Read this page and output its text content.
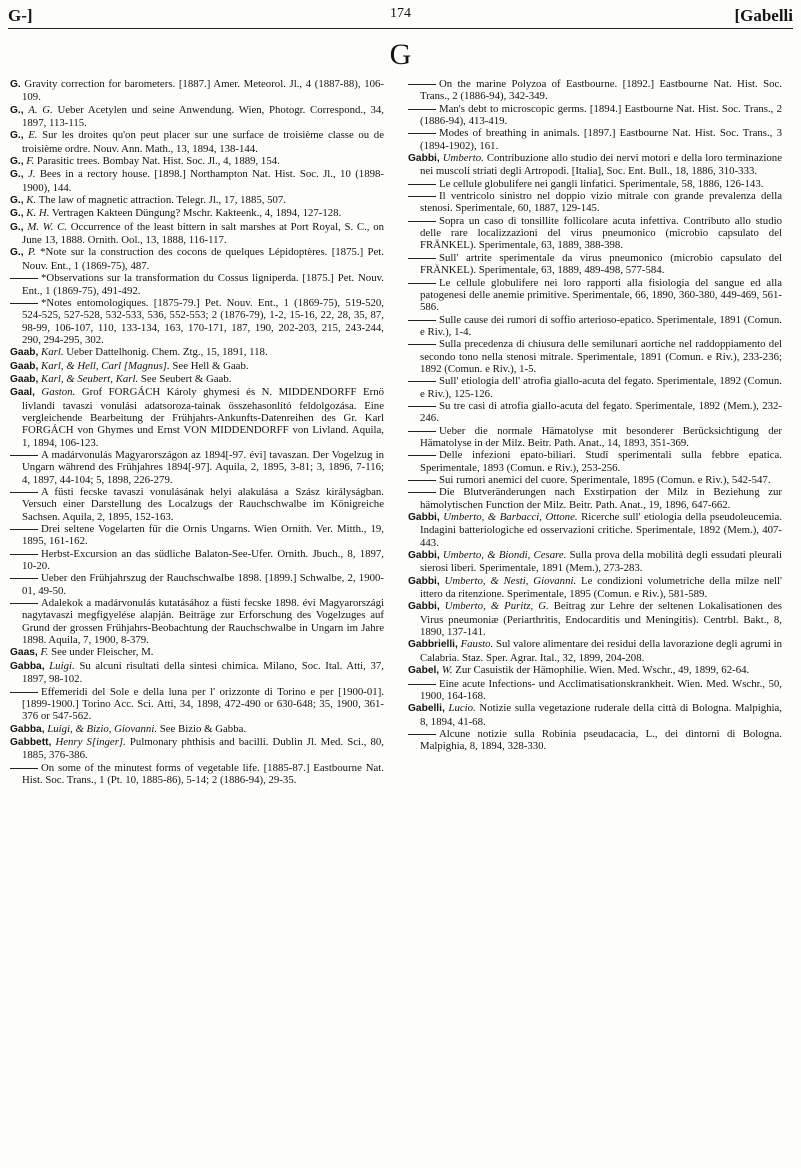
G-]	174	[Gabelli
G

G. Gravity correction for barometers. [1887.] Amer. Meteorol. Jl., 4 (1887-88), 106-109.

G., A. G. Ueber Acetylen und seine Anwendung. Wien, Photogr. Correspond., 34, 1897, 113-115.

G., E. Sur les droites qu'on peut placer sur une surface de troisième classe ou de troisième ordre. Nouv. Ann. Math., 13, 1894, 138-144.

G., F. Parasitic trees. Bombay Nat. Hist. Soc. Jl., 4, 1889, 154.

G., J. Bees in a rectory house. [1898.] Northampton Nat. Hist. Soc. Jl., 10 (1898-1900), 144.

G., K. The law of magnetic attraction. Telegr. Jl., 17, 1885, 507.

G., K. H. Vertragen Kakteen Düngung? Mschr. Kakteenk., 4, 1894, 127-128.

G., M. W. C. Occurrence of the least bittern in salt marshes at Port Royal, S. C., on June 13, 1888. Ornith. Ool., 13, 1888, 116-117.

G., P. *Note sur la construction des cocons de quelques Lépidoptères. [1875.] Pet. Nouv. Ent., 1 (1869-75), 487.

*Observations sur la transformation du Cossus ligniperda. [1875.] Pet. Nouv. Ent., 1 (1869-75), 491-492.

*Notes entomologiques. [1875-79.] Pet. Nouv. Ent., 1 (1869-75), 519-520, 524-525, 527-528, 532-533, 536, 552-553; 2 (1876-79), 1-2, 15-16, 22, 28, 35, 87, 98-99, 106-107, 110, 133-134, 163, 170-171, 187, 190, 202-203, 215, 243-244, 290, 294-295, 302.

Gaab, Karl. Ueber Dattelhonig. Chem. Ztg., 15, 1891, 118.

Gaab, Karl, & Hell, Carl [Magnus]. See Hell & Gaab.

Gaab, Karl, & Seubert, Karl. See Seubert & Gaab.

Gaal, Gaston. Grof FORGÁCH Károly ghymesi és N. MIDDENDORFF Ernö livlandi tavaszi vonulási adatsoroza-tainak összehasonlító feldolgozása. Eine vergleichende Bearbeitung der Frühjahrs-Ankunfts-Datenreihen des Gr. Karl FORGÁCH von Ghymes und Ernst VON MIDDENDORFF von Livland. Aquila, 1, 1894, 106-123.

A madárvonulás Magyarországon az 1894[-97. évi] tavaszan. Der Vogelzug in Ungarn während des Frühjahres 1894[-97]. Aquila, 2, 1895, 3-81; 3, 1896, 7-116; 4, 1897, 44-104; 5, 1898, 226-279.

A füsti fecske tavaszi vonulásának helyi alakulása a Szász királyságban. Versuch einer Darstellung des Localzugs der Rauchschwalbe im Königreiche Sachsen. Aquila, 2, 1895, 152-163.

Drei seltene Vogelarten für die Ornis Ungarns. Wien Ornith. Ver. Mitth., 19, 1895, 161-162.

Herbst-Excursion an das südliche Balaton-See-Ufer. Ornith. Jbuch., 8, 1897, 10-20.

Ueber den Frühjahrszug der Rauchschwalbe 1898. [1899.] Schwalbe, 2, 1900-01, 49-50.

Adalekok a madárvonulás kutatásához a füsti fecske 1898. évi Magyarországi nagytavaszi megfigyelése alapján. Beiträge zur Erforschung des Vogelzuges auf Grund der grossen Frühjahrs-Beobachtung der Rauchschwalbe in Ungarn im Jahre 1898. Aquila, 7, 1900, 8-379.

Gaas, F. See under Fleischer, M.

Gabba, Luigi. Su alcuni risultati della sintesi chimica. Milano, Soc. Ital. Atti, 37, 1897, 98-102.

Effemeridi del Sole e della luna per l' orizzonte di Torino e per [1900-01]. [1899-1900.] Torino Acc. Sci. Atti, 34, 1898, 472-490 or 630-648; 35, 1900, 361-376 or 547-562.

Gabba, Luigi, & Bizio, Giovanni. See Bizio & Gabba.

Gabbett, Henry S[inger]. Pulmonary phthisis and bacilli. Dublin Jl. Med. Sci., 80, 1885, 376-386.

On some of the minutest forms of vegetable life. [1885-87.] Eastbourne Nat. Hist. Soc. Trans., 1 (Pt. 10, 1885-86), 5-14; 2 (1886-94), 29-35.

On the marine Polyzoa of Eastbourne. [1892.] Eastbourne Nat. Hist. Soc. Trans., 2 (1886-94), 342-349.

Man's debt to microscopic germs. [1894.] Eastbourne Nat. Hist. Soc. Trans., 2 (1886-94), 413-419.

Modes of breathing in animals. [1897.] Eastbourne Nat. Hist. Soc. Trans., 3 (1894-1902), 161.

Gabbi, Umberto. Contribuzione allo studio dei nervi motori e della loro terminazione nei muscoli striati degli Artropodi. [Italia], Soc. Ent. Bull., 18, 1886, 310-333.

Le cellule globulifere nei gangli linfatici. Sperimentale, 58, 1886, 126-143.

Il ventricolo sinistro nel doppio vizio mitrale con grande prevalenza della stenosi. Sperimentale, 60, 1887, 129-145.

Sopra un caso di tonsillite follicolare acuta infettiva. Contributo allo studio delle rare localizzazioni del virus pneumonico (microbio capsulato del FRÄNKEL). Sperimentale, 63, 1889, 388-398.

Sull' artrite sperimentale da virus pneumonico (microbio capsulato del FRÄNKEL). Sperimentale, 63, 1889, 489-498, 577-584.

Le cellule globulifere nei loro rapporti alla fisiologia del sangue ed alla patogenesi delle anemie primitive. Sperimentale, 66, 1890, 360-380, 449-469, 561-586.

Sulle cause dei rumori di soffio arterioso-epatico. Sperimentale, 1891 (Comun. e Riv.), 1-4.

Sulla precedenza di chiusura delle semilunari aortiche nel raddoppiamento del secondo tono nella stenosi mitrale. Sperimentale, 1891 (Comun. e Riv.), 233-236; 1892 (Comun. e Riv.), 1-5.

Sull' etiologia dell' atrofia giallo-acuta del fegato. Sperimentale, 1892 (Comun. e Riv.), 125-126.

Su tre casi di atrofia giallo-acuta del fegato. Sperimentale, 1892 (Mem.), 232-246.

Ueber die normale Hämatolyse mit besonderer Berücksichtigung der Hämatolyse in der Milz. Beitr. Path. Anat., 14, 1893, 351-369.

Delle infezioni epato-biliari. Studî sperimentali sulla febbre epatica. Sperimentale, 1893 (Comun. e Riv.), 253-256.

Sui rumori anemici del cuore. Sperimentale, 1895 (Comun. e Riv.), 542-547.

Die Blutveränderungen nach Exstirpation der Milz in Beziehung zur hämolytischen Function der Milz. Beitr. Path. Anat., 19, 1896, 647-662.

Gabbi, Umberto, & Barbacci, Ottone. Ricerche sull' etiologia della pseudoleucemia. Indagini batteriologiche ed osservazioni critiche. Sperimentale, 1892 (Mem.), 407-443.

Gabbi, Umberto, & Biondi, Cesare. Sulla prova della mobilità degli essudati pleurali sierosi liberi. Sperimentale, 1891 (Mem.), 273-283.

Gabbi, Umberto, & Nesti, Giovanni. Le condizioni volumetriche della milze nell' ittero da ritenzione. Sperimentale, 1895 (Comun. e Riv.), 581-589.

Gabbi, Umberto, & Puritz, G. Beitrag zur Lehre der seltenen Lokalisationen des Virus pneumoniæ (Periarthritis, Endocarditis und Meningitis). Centrbl. Bakt., 8, 1890, 137-141.

Gabbrielli, Fausto. Sul valore alimentare dei residui della lavorazione degli agrumi in Calabria. Staz. Sper. Agrar. Ital., 32, 1899, 204-208.

Gabel, W. Zur Casuistik der Hämophilie. Wien. Med. Wschr., 49, 1899, 62-64.

Eine acute Infections- und Acclimatisationskrankheit. Wien. Med. Wschr., 50, 1900, 164-168.

Gabelli, Lucio. Notizie sulla vegetazione ruderale della città di Bologna. Malpighia, 8, 1894, 41-68.

Alcune notizie sulla Robinia pseudacacia, L., dei dintorni di Bologna. Malpighia, 8, 1894, 328-330.
